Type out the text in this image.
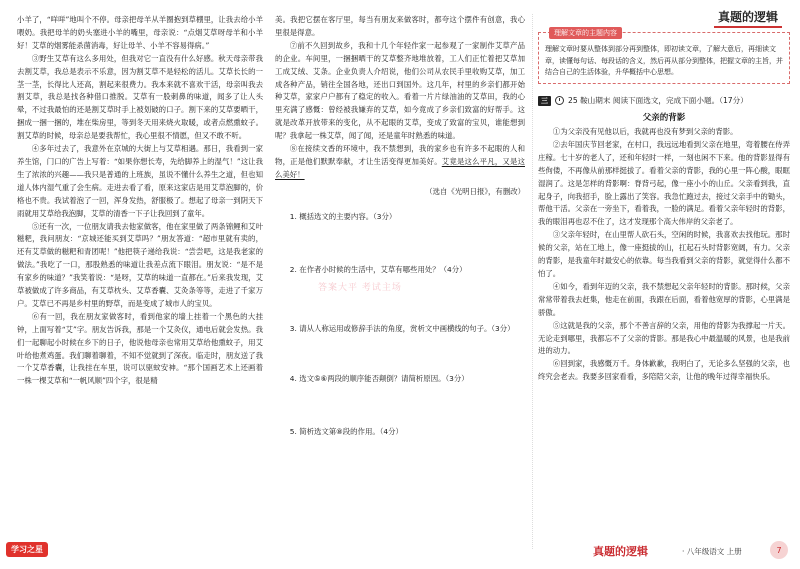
真题的逻辑

小羊了，“咩咩”地叫个不停。母亲把母羊从羊圈抱到草棚里，让我去给小羊喂奶。我把母羊的奶头塞进小羊的嘴里，母亲说：“点烟艾草呀母羊和小羊好！艾草的烟雾能杀菌消毒，好让母羊、小羊不容易得病。”

③野生艾草有这么多用处，但我对它一直没有什么好感。秋天母亲带我去割艾草，我总是表示不乐意，因为割艾草不是轻松的活儿。艾草长长的一茎一茎，长得比人还高，割起来很费力。我本来就不喜欢干活，母亲叫我去割艾草，我总是找各种借口推脱。艾草有一股刺鼻的味道，闻多了让人头晕，不过我最怕的还是割艾草时手上被划破的口子。割下来的艾草要晒干，捆成一捆一捆的，堆在柴房里，等到冬天用来烧火取暖，或者点燃熏蚊子。割艾草的时候，母亲总是要我帮忙，我心里很不情愿，但又不敢不听。

④多年过去了，我意外在京城的大街上与艾草相遇。那日，我看到一家养生馆，门口的广告上写着：“如果你想长寿，先给脚养上的湿气！”这让我生了浓浓的兴趣——我只是普通的上班族，虽说不懂什么养生之道，但也知道人体内湿气重了会生病。走进去看了看，原来这家店是用艾草泡脚的，价格也不贵。我试着泡了一回，浑身发热，舒服极了。想起了母亲一到阴天下雨就用艾草给我泡脚，艾草的清香一下子让我回到了童年。

⑤还有一次，一位朋友请我去他家做客，他在家里做了两条锦鲤和艾叶糍粑，我问朋友：“京城还能买到艾草吗？”朋友答道：“超市里就有卖的，还有艾草做的糍粑和青团呢！”他把筷子递给我说：“尝尝吧，这是我老家的做法。”我吃了一口，那股熟悉的味道让我差点流下眼泪。朋友说：“是不是有家乡的味道？”我笑着说：“是呀，艾草的味道一直都在。”后来我发现，艾草被做成了许多商品，有艾草枕头、艾草香囊、艾灸条等等，走进了千家万户。艾草已不再是乡村里的野草，而是变成了城市人的宝贝。

⑥有一回，我在朋友家做客时，看到他家的墙上挂着一个黑色的大挂钟，上面写着“艾”字。朋友告诉我，那是一个艾灸仪，通电后就会发热。我们一起聊起小时候在乡下的日子，他说他母亲也常用艾草给他熏蚊子，用艾叶给他煮鸡蛋。我们聊着聊着，不知不觉就到了深夜。临走时，朋友送了我一个艾草香囊，让我挂在车里，说可以驱蚊安神。“那个国画艺术上还画着一株一棵艾草和“一帆风顺”四个字，很是精

美。我把它摆在客厅里，每当有朋友来做客时，都夸这个摆件有创意，我心里很是得意。

⑦前不久回到故乡，我和十几个年轻作家一起参观了一家制作艾草产品的企业。车间里，一捆捆晒干的艾草整齐地堆放着，工人们正忙着把艾草加工成艾绒、艾条。企业负责人介绍说，他们公司从农民手里收购艾草，加工成各种产品，销往全国各地，还出口到国外。这几年，村里的乡亲们都开始种艾草，家家户户都有了稳定的收入。看着一片片绿油油的艾草田，我的心里充满了感慨：曾经被我嫌弃的艾草，如今竟成了乡亲们致富的好帮手。这就是改革开放带来的变化，从不起眼的艾草，变成了致富的宝贝，谁能想到呢？我拿起一株艾草，闻了闻，还是童年时熟悉的味道。

⑧在接续文香的环境中，我不禁想到，我的家乡也有许多不起眼的人和物，正是他们默默奉献，才让生活变得更加美好。艾竟是这么平凡，又是这么美好！

（选自《光明日报》，有删改）

1. 概括选文的主要内容。（3分）

2. 在作者小时候的生活中，艾草有哪些用处？（4分）

3. 请从人称运用或修辞手法的角度，赏析文中画横线的句子。（3分）

4. 选文⑤⑥两段的顺序能否颠倒？请简析原因。（3分）

5. 简析选文第⑧段的作用。（4分）

答案大平 考试主场
理解文章的主题内容

理解文章时要从整体到部分再到整体，即初读文章，了解大意后，再细读文章，读懂每句话、每段话的含义，然后再从部分到整体，把握文章的主旨，并结合自己的生活体验，升华概括中心思想。

三	25 鞍山期末 阅读下面选文，完成下面小题。（17分）
父亲的背影

①为父亲没有见他以后，我就再也没有梦到父亲的背影。

②去年国庆节回老家，在村口，我远远地看到父亲在地里，弯着腰在侍弄庄稼。七十岁的老人了，还和年轻时一样，一刻也闲不下来。他的背影显得有些佝偻，不再像从前那样挺拔了。看着父亲的背影，我的心里一阵心酸，眼眶湿润了。这是怎样的背影啊：脊背弓起，像一座小小的山丘。父亲看到我，直起身子，向我招手，脸上露出了笑容。我急忙跑过去，接过父亲手中的锄头，帮他干活。父亲在一旁坐下，看着我，一脸的满足。看着父亲年轻时的背影，我的眼泪再也忍不住了，这才发现那个高大伟岸的父亲老了。

③父亲年轻时，在山里帮人砍石头，空闲的时候，我喜欢去找他玩。那时候的父亲，站在工地上，像一座挺拔的山，扛起石头时背影宽阔，有力。父亲的背影，是我童年时最安心的依靠。每当我看到父亲的背影，就觉得什么都不怕了。

④如今，看到年迈的父亲，我不禁想起父亲年轻时的背影。那时候，父亲常常带着我去赶集，他走在前面，我跟在后面，看着他宽厚的背影，心里满是骄傲。

⑤这就是我的父亲，那个不善言辞的父亲，用他的背影为我撑起一片天。无论走到哪里，我都忘不了父亲的背影。那是我心中最温暖的风景，也是我前进的动力。

⑥回到家，我感慨万千。身体歉歉，我明白了，无论多么坚强的父亲，也终究会老去。我要多回家看看，多陪陪父亲，让他的晚年过得幸福快乐。

学习之星	真题的逻辑	· 八年级语文 上册	7
